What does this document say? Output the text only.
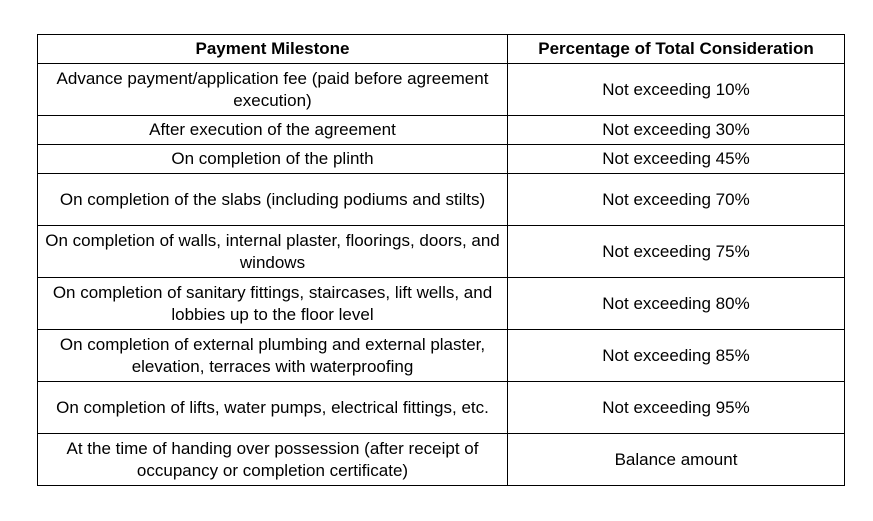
Payment Milestone	Percentage of Total Consideration
Advance payment/application fee (paid before agreement execution)	Not exceeding 10%
After execution of the agreement	Not exceeding 30%
On completion of the plinth	Not exceeding 45%
On completion of the slabs (including podiums and stilts)	Not exceeding 70%
On completion of walls, internal plaster, floorings, doors, and windows	Not exceeding 75%
On completion of sanitary fittings, staircases, lift wells, and lobbies up to the floor level	Not exceeding 80%
On completion of external plumbing and external plaster, elevation, terraces with waterproofing	Not exceeding 85%
On completion of lifts, water pumps, electrical fittings, etc.	Not exceeding 95%
At the time of handing over possession (after receipt of occupancy or completion certificate)	Balance amount
